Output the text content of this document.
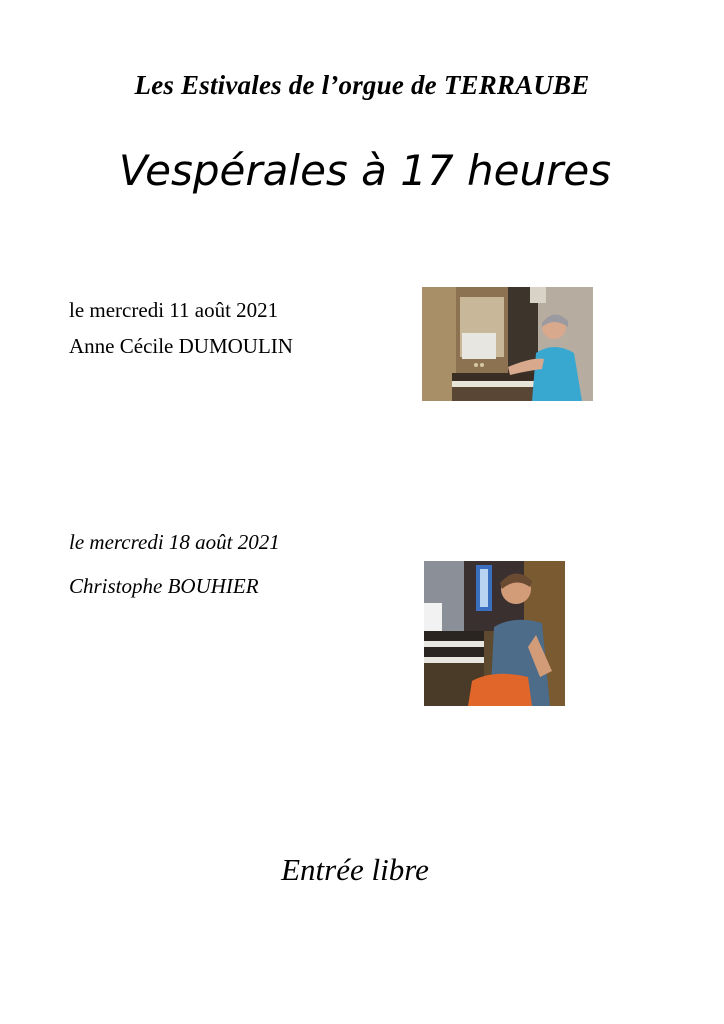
Les Estivales de l’orgue de TERRAUBE
Vespérales à 17 heures
le mercredi 11 août 2021
Anne Cécile DUMOULIN
le mercredi 18 août 2021
Christophe BOUHIER
Entrée libre
